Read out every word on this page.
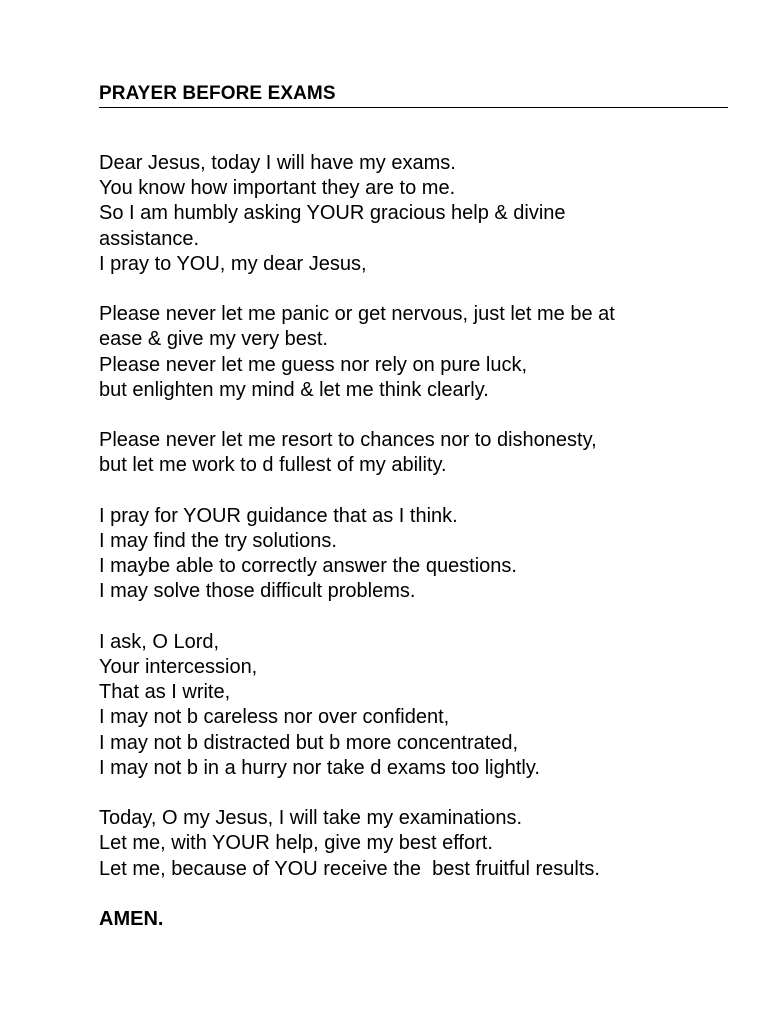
PRAYER BEFORE EXAMS
Dear Jesus, today I will have my exams.
You know how important they are to me.
So I am humbly asking YOUR gracious help & divine
assistance.
I pray to YOU, my dear Jesus,
Please never let me panic or get nervous, just let me be at
ease & give my very best.
Please never let me guess nor rely on pure luck,
but enlighten my mind & let me think clearly.
Please never let me resort to chances nor to dishonesty,
but let me work to d fullest of my ability.
I pray for YOUR guidance that as I think.
I may find the try solutions.
I maybe able to correctly answer the questions.
I may solve those difficult problems.
I ask, O Lord,
Your intercession,
That as I write,
I may not b careless nor over confident,
I may not b distracted but b more concentrated,
I may not b in a hurry nor take d exams too lightly.
Today, O my Jesus, I will take my examinations.
Let me, with YOUR help, give my best effort.
Let me, because of YOU receive the  best fruitful results.
AMEN.
